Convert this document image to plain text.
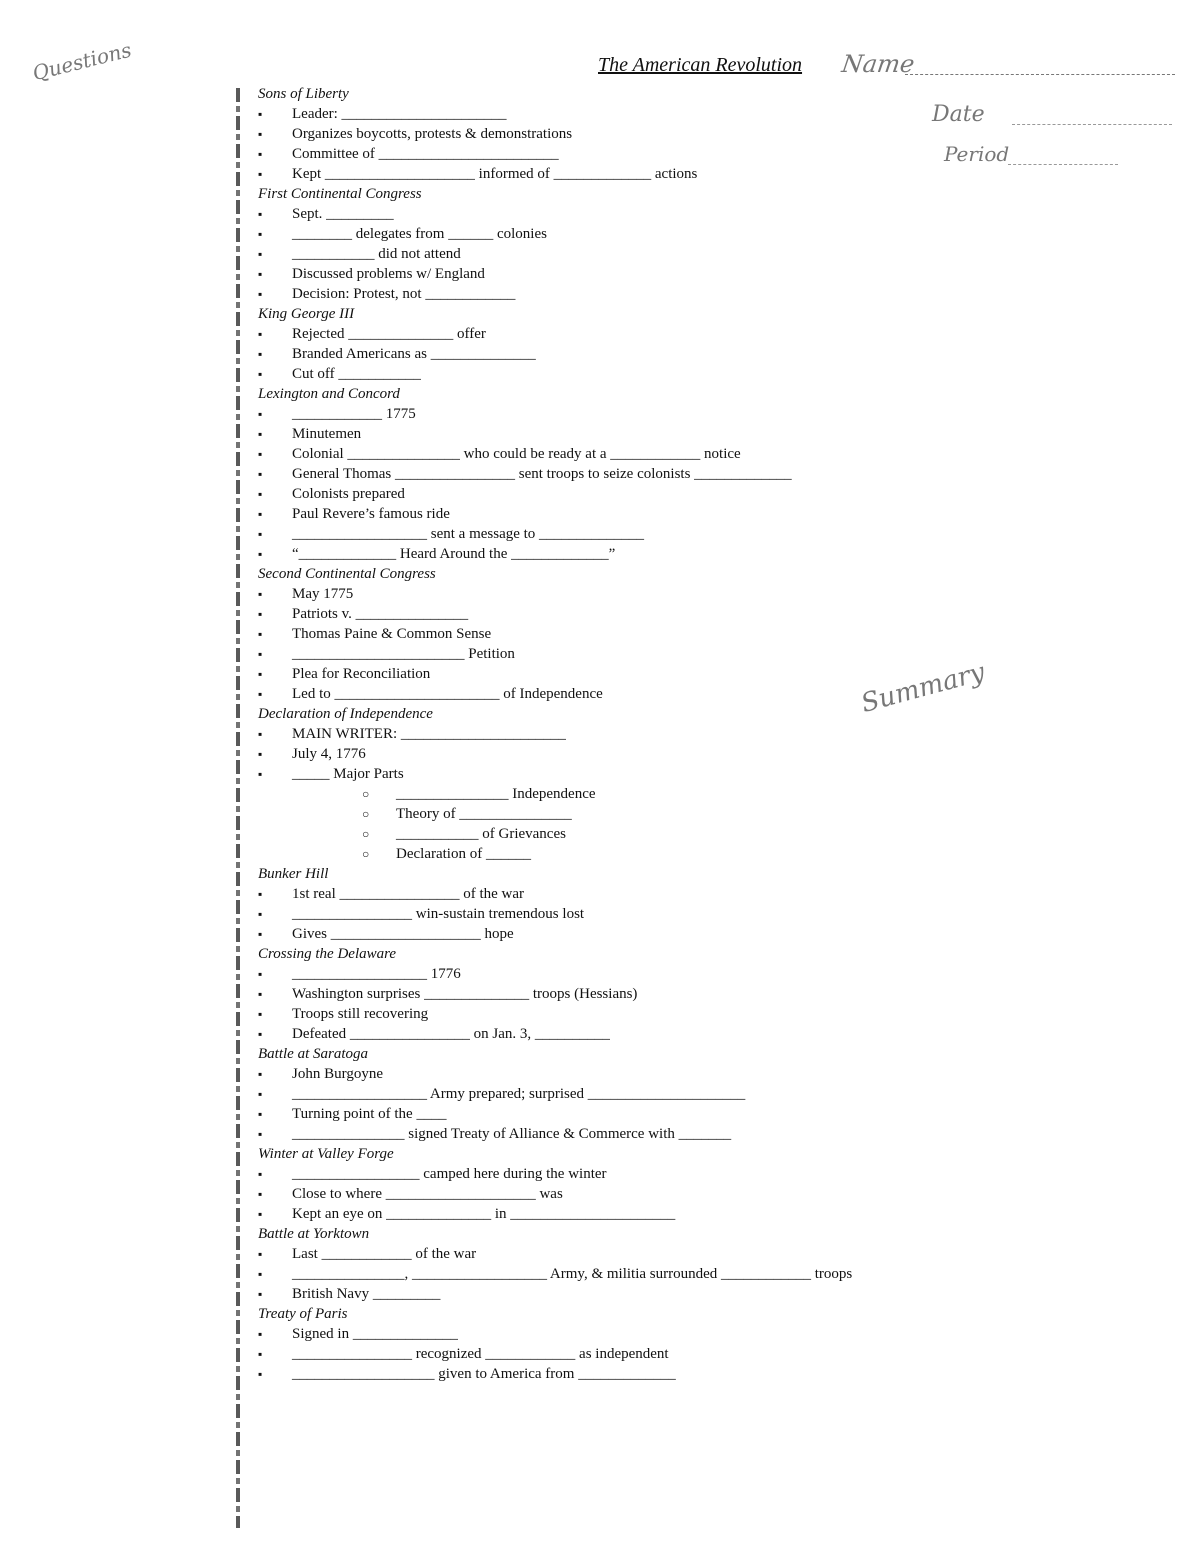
The American Revolution Name
Date
Period
Questions
Summary
Sons of Liberty
▪ Leader: ______________________
▪ Organizes boycotts, protests & demonstrations
▪ Committee of ________________________
▪ Kept ____________________ informed of _____________ actions
First Continental Congress
▪ Sept. _________
▪ ________ delegates from ______ colonies
▪ ___________ did not attend
▪ Discussed problems w/ England
▪ Decision: Protest, not ____________
King George III
▪ Rejected ______________ offer
▪ Branded Americans as ______________
▪ Cut off ___________
Lexington and Concord
▪ ____________ 1775
▪ Minutemen
▪ Colonial _______________ who could be ready at a ____________ notice
▪ General Thomas ________________ sent troops to seize colonists _____________
▪ Colonists prepared
▪ Paul Revere’s famous ride
▪ __________________ sent a message to ______________
▪ “_____________ Heard Around the _____________”
Second Continental Congress
▪ May 1775
▪ Patriots v. _______________
▪ Thomas Paine & Common Sense
▪ _______________________ Petition
▪ Plea for Reconciliation
▪ Led to ______________________ of Independence
Declaration of Independence
▪ MAIN WRITER: ______________________
▪ July 4, 1776
▪ _____ Major Parts
○ _______________ Independence
○ Theory of _______________
○ ___________ of Grievances
○ Declaration of ______
Bunker Hill
▪ 1st real ________________ of the war
▪ ________________ win-sustain tremendous lost
▪ Gives ____________________ hope
Crossing the Delaware
▪ __________________ 1776
▪ Washington surprises ______________ troops (Hessians)
▪ Troops still recovering
▪ Defeated ________________ on Jan. 3, __________
Battle at Saratoga
▪ John Burgoyne
▪ __________________ Army prepared; surprised _____________________
▪ Turning point of the ____
▪ _______________ signed Treaty of Alliance & Commerce with _______
Winter at Valley Forge
▪ _________________ camped here during the winter
▪ Close to where ____________________ was
▪ Kept an eye on ______________ in ______________________
Battle at Yorktown
▪ Last ____________ of the war
▪ _______________, __________________ Army, & militia surrounded ____________ troops
▪ British Navy _________
Treaty of Paris
▪ Signed in ______________
▪ ________________ recognized ____________ as independent
▪ ___________________ given to America from _____________
